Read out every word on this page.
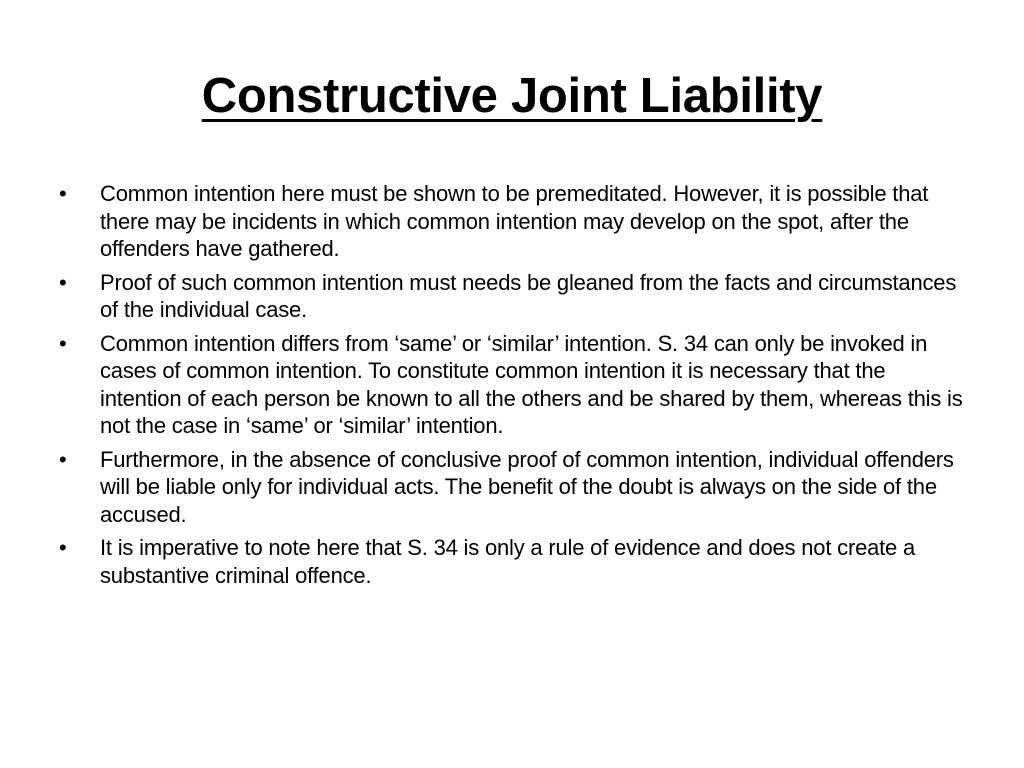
Constructive Joint Liability
•	Common intention here must be shown to be premeditated. However, it is possible that there may be incidents in which common intention may develop on the spot, after the offenders have gathered.
•	Proof of such common intention must needs be gleaned from the facts and circumstances of the individual case.
•	Common intention differs from ‘same’ or ‘similar’ intention. S. 34 can only be invoked in cases of common intention. To constitute common intention it is necessary that the intention of each person be known to all the others and be shared by them, whereas this is not the case in ‘same’ or ‘similar’ intention.
•	Furthermore, in the absence of conclusive proof of common intention, individual offenders will be liable only for individual acts. The benefit of the doubt is always on the side of the accused.
•	It is imperative to note here that S. 34 is only a rule of evidence and does not create a substantive criminal offence.
